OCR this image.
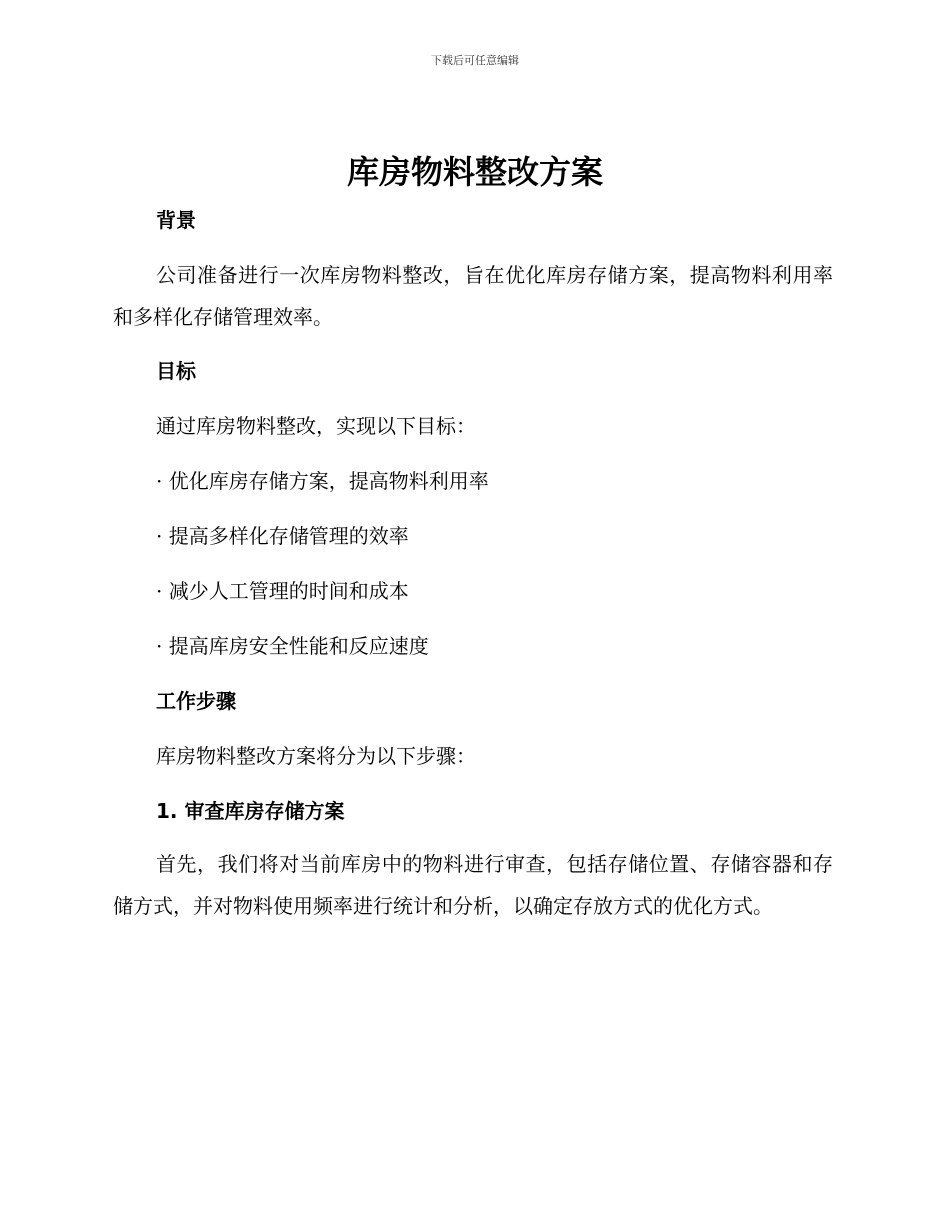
下载后可任意编辑
库房物料整改方案
背景

公司准备进行一次库房物料整改，旨在优化库房存储方案，提高物料利用率和多样化存储管理效率。

目标
通过库房物料整改，实现以下目标：
· 优化库房存储方案，提高物料利用率
· 提高多样化存储管理的效率
· 减少人工管理的时间和成本
· 提高库房安全性能和反应速度
工作步骤
库房物料整改方案将分为以下步骤：
1. 审查库房存储方案

首先，我们将对当前库房中的物料进行审查，包括存储位置、存储容器和存储方式，并对物料使用频率进行统计和分析，以确定存放方式的优化方式。
